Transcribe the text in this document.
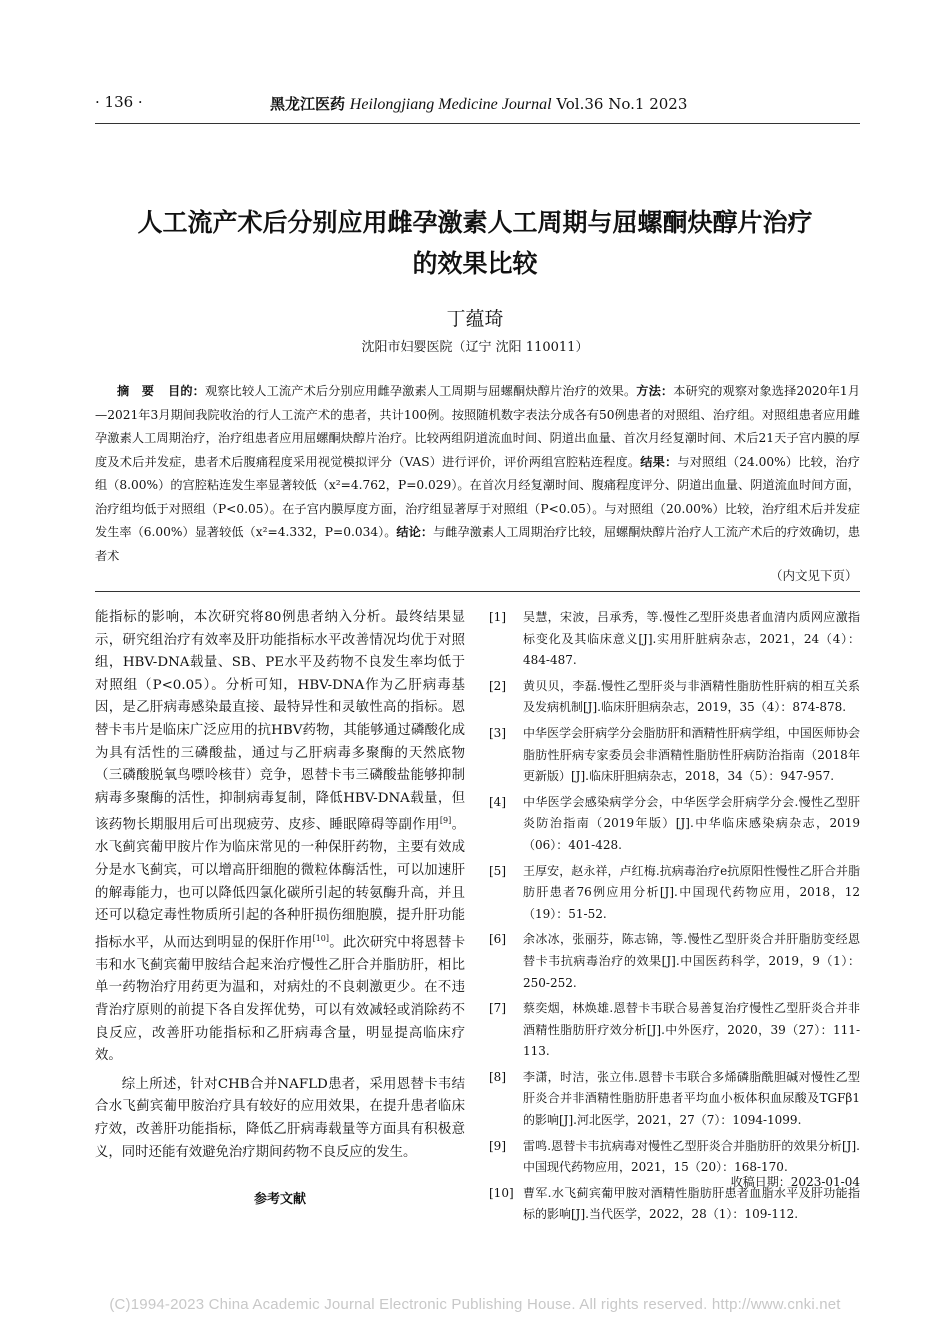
· 136 ·	黑龙江医药 Heilongjiang Medicine Journal Vol.36 No.1 2023
人工流产术后分别应用雌孕激素人工周期与屈螺酮炔醇片治疗
的效果比较
丁蕴琦
沈阳市妇婴医院（辽宁 沈阳 110011）
摘 要 目的：观察比较人工流产术后分别应用雌孕激素人工周期与屈螺酮炔醇片治疗的效果。方法：本研究的观察对象选择2020年1月—2021年3月期间我院收治的行人工流产术的患者，共计100例。按照随机数字表法分成各有50例患者的对照组、治疗组。对照组患者应用雌孕激素人工周期治疗，治疗组患者应用屈螺酮炔醇片治疗。比较两组阴道流血时间、阴道出血量、首次月经复潮时间、术后21天子宫内膜的厚度及术后并发症，患者术后腹痛程度采用视觉模拟评分（VAS）进行评价，评价两组宫腔粘连程度。结果：与对照组（24.00%）比较，治疗组（8.00%）的宫腔粘连发生率显著较低（x²=4.762，P=0.029）。在首次月经复潮时间、腹痛程度评分、阴道出血量、阴道流血时间方面，治疗组均低于对照组（P<0.05）。在子宫内膜厚度方面，治疗组显著厚于对照组（P<0.05）。与对照组（20.00%）比较，治疗组术后并发症发生率（6.00%）显著较低（x²=4.332，P=0.034）。结论：与雌孕激素人工周期治疗比较，屈螺酮炔醇片治疗人工流产术后的疗效确切，患者术
（内文见下页）

能指标的影响，本次研究将80例患者纳入分析。最终结果显示，研究组治疗有效率及肝功能指标水平改善情况均优于对照组，HBV-DNA载量、SB、PE水平及药物不良发生率均低于对照组（P<0.05）。分析可知，HBV-DNA作为乙肝病毒基因，是乙肝病毒感染最直接、最特异性和灵敏性高的指标。恩替卡韦片是临床广泛应用的抗HBV药物，其能够通过磷酸化成为具有活性的三磷酸盐，通过与乙肝病毒多聚酶的天然底物（三磷酸脱氧鸟嘌呤核苷）竞争，恩替卡韦三磷酸盐能够抑制病毒多聚酶的活性，抑制病毒复制，降低HBV-DNA载量，但该药物长期服用后可出现疲劳、皮疹、睡眠障碍等副作用[9]。水飞蓟宾葡甲胺片作为临床常见的一种保肝药物，主要有效成分是水飞蓟宾，可以增高肝细胞的微粒体酶活性，可以加速肝的解毒能力，也可以降低四氯化碳所引起的转氨酶升高，并且还可以稳定毒性物质所引起的各种肝损伤细胞膜，提升肝功能指标水平，从而达到明显的保肝作用[10]。此次研究中将恩替卡韦和水飞蓟宾葡甲胺结合起来治疗慢性乙肝合并脂肪肝，相比单一药物治疗用药更为温和，对病灶的不良刺激更少。在不违背治疗原则的前提下各自发挥优势，可以有效减轻或消除药不良反应，改善肝功能指标和乙肝病毒含量，明显提高临床疗效。

综上所述，针对CHB合并NAFLD患者，采用恩替卡韦结合水飞蓟宾葡甲胺治疗具有较好的应用效果，在提升患者临床疗效，改善肝功能指标，降低乙肝病毒载量等方面具有积极意义，同时还能有效避免治疗期间药物不良反应的发生。

参考文献
[1]	吴慧，宋波，吕承秀，等.慢性乙型肝炎患者血清内质网应激指标变化及其临床意义[J].实用肝脏病杂志，2021，24（4）：484-487.
[2]	黄贝贝，李磊.慢性乙型肝炎与非酒精性脂肪性肝病的相互关系及发病机制[J].临床肝胆病杂志，2019，35（4）：874-878.
[3]	中华医学会肝病学分会脂肪肝和酒精性肝病学组，中国医师协会脂肪性肝病专家委员会非酒精性脂肪性肝病防治指南（2018年更新版）[J].临床肝胆病杂志，2018，34（5）：947-957.
[4]	中华医学会感染病学分会，中华医学会肝病学分会.慢性乙型肝炎防治指南（2019年版）[J].中华临床感染病杂志，2019（06）：401-428.
[5]	王厚安，赵永祥，卢红梅.抗病毒治疗e抗原阳性慢性乙肝合并脂肪肝患者76例应用分析[J].中国现代药物应用，2018，12（19）：51-52.
[6]	余冰冰，张丽芬，陈志锦，等.慢性乙型肝炎合并肝脂肪变经恩替卡韦抗病毒治疗的效果[J].中国医药科学，2019，9（1）：250-252.
[7]	蔡奕烟，林焕雄.恩替卡韦联合易善复治疗慢性乙型肝炎合并非酒精性脂肪肝疗效分析[J].中外医疗，2020，39（27）：111-113.
[8]	李潇，时洁，张立伟.恩替卡韦联合多烯磷脂酰胆碱对慢性乙型肝炎合并非酒精性脂肪肝患者平均血小板体积血尿酸及TGFβ1的影响[J].河北医学，2021，27（7）：1094-1099.
[9]	雷鸣.恩替卡韦抗病毒对慢性乙型肝炎合并脂肪肝的效果分析[J].中国现代药物应用，2021，15（20）：168-170.
[10] 曹军.水飞蓟宾葡甲胺对酒精性脂肪肝患者血脂水平及肝功能指标的影响[J].当代医学，2022，28（1）：109-112.
收稿日期：2023-01-04
(C)1994-2023 China Academic Journal Electronic Publishing House. All rights reserved. http://www.cnki.net
